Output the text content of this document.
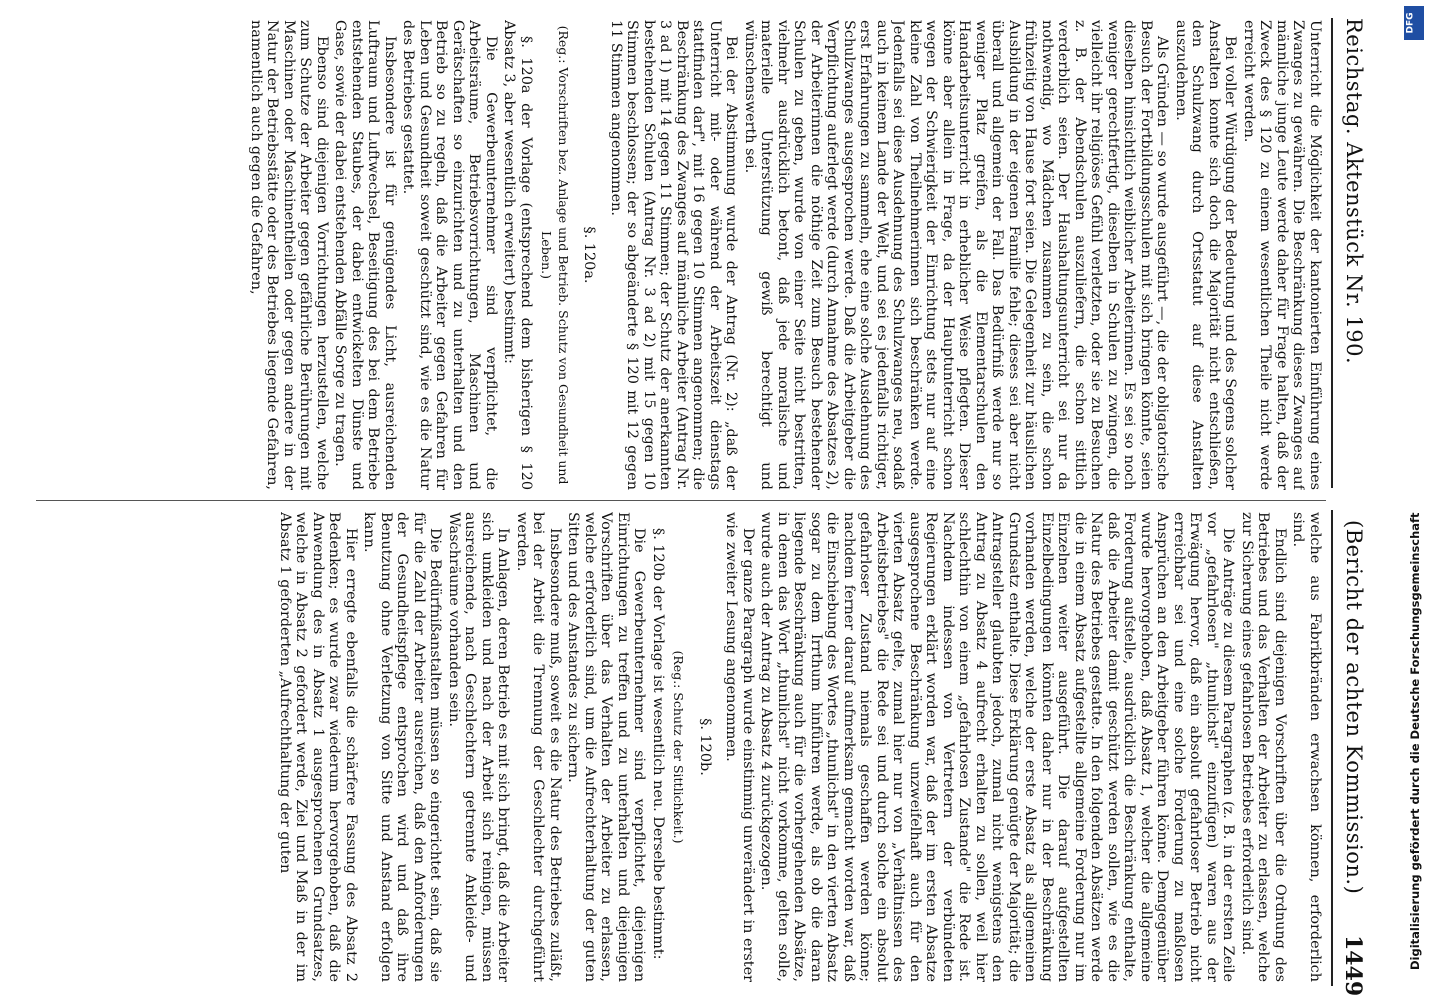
Reichstag. Aktenstück Nr. 190.
(Bericht der achten Kommission.)
1449

Unterricht die Möglichkeit der kantonierten Einführung eines Zwanges zu gewähren. Die Beschränkung dieses Zwanges auf männliche junge Leute werde daher für Frage halten, daß der Zweck des § 120 zu einem wesentlichen Theile nicht werde erreicht werden.

Bei voller Würdigung der Bedeutung und des Segens solcher Anstalten konnte sich doch die Majorität nicht entschließen, den Schulzwang durch Ortsstatut auf diese Anstalten auszudehnen.

Als Gründen — so wurde ausgeführt —, die der obligatorische Besuch der Fortbildungsschulen mit sich bringen könnte, seien dieselben hinsichtlich weiblicher Arbeiterinnen. Es sei so noch weniger gerechtfertigt, dieselben in Schulen zu zwingen, die vielleicht ihr religiöses Gefühl verletzten, oder sie zu Besuchen z. B. der Abendschulen auszuliefern, die schon sittlich verderblich seien. Der Haushaltungsunterricht sei nur da nothwendig, wo Mädchen zusammen zu sein, die schon frühzeitig von Hause fort seien. Die Gelegenheit zur häuslichen Ausbildung in der eigenen Familie fehle; dieses sei aber nicht überall und allgemein der Fall. Das Bedürfniß werde nur so weniger Platz greifen, als die Elementarschulen den Handarbeitsunterricht in erheblicher Weise pflegten. Dieser könne aber allein in Frage, da der Hauptunterricht schon wegen der Schwierigkeit der Einrichtung stets nur auf eine kleine Zahl von Theilnehmerinnen sich beschränken werde. Jedenfalls sei diese Ausdehnung des Schulzwanges neu, sodaß auch in keinem Lande der Welt, und sei es jedenfalls richtiger, erst Erfahrungen zu sammeln, ehe eine solche Ausdehnung des Schulzwanges ausgesprochen werde. Daß die Arbeitgeber die Verpflichtung auferlegt werde (durch Annahme des Absatzes 2), der Arbeiterinnen die nöthige Zeit zum Besuch bestehender Schulen zu geben, wurde von einer Seite nicht bestritten, vielmehr ausdrücklich betont, daß jede moralische und materielle Unterstützung gewiß berechtigt und wünschenswerth sei.

Bei der Abstimmung wurde der Antrag (Nr. 2): „daß der Unterricht mit- oder während der Arbeitszeit dienstags stattfinden darf", mit 16 gegen 10 Stimmen angenommen; die Beschränkung des Zwanges auf männliche Arbeiter (Antrag Nr. 3 ad 1) mit 14 gegen 11 Stimmen; der Schutz der anerkannten bestehenden Schulen (Antrag Nr. 3 ad 2) mit 15 gegen 10 Stimmen beschlossen; der so abgeänderte § 120 mit 12 gegen 11 Stimmen angenommen.

§. 120a.

(Reg.: Vorschriften bez. Anlage und Betrieb. Schutz von Gesundheit und Leben.)

§. 120a der Vorlage (entsprechend dem bisherigen § 120 Absatz 3, aber wesentlich erweitert) bestimmt:

Die Gewerbeunternehmer sind verpflichtet, die Arbeitsräume, Betriebsvorrichtungen, Maschinen und Gerätschaften so einzurichten und zu unterhalten und den Betrieb so zu regeln, daß die Arbeiter gegen Gefahren für Leben und Gesundheit soweit geschützt sind, wie es die Natur des Betriebes gestattet.

Insbesondere ist für genügendes Licht, ausreichenden Luftraum und Luftwechsel, Beseitigung des bei dem Betriebe entstehenden Staubes, der dabei entwickelten Dünste und Gase, sowie der dabei entstehenden Abfälle Sorge zu tragen.

Ebenso sind diejenigen Vorrichtungen herzustellen, welche zum Schutze der Arbeiter gegen gefährliche Berührungen mit Maschinen oder Maschinentheilen oder gegen andere in der Natur der Betriebsstätte oder des Betriebes liegende Gefahren, namentlich auch gegen die Gefahren,

welche aus Fabrikbränden erwachsen können, erforderlich sind.

Endlich sind diejenigen Vorschriften über die Ordnung des Betriebes und das Verhalten der Arbeiter zu erlassen, welche zur Sicherung eines gefahrlosen Betriebes erforderlich sind.

Die Anträge zu diesem Paragraphen (z. B. in der ersten Zeile vor „gefahrlosen" „thunlichst" einzufügen) waren aus der Erwägung hervor, daß ein absolut gefahrloser Betrieb nicht erreichbar sei und eine solche Forderung zu maßlosen Ansprüchen an den Arbeitgeber führen könne. Demgegenüber wurde hervorgehoben, daß Absatz 1, welcher die allgemeine Forderung aufstelle, ausdrücklich die Beschränkung enthalte, daß die Arbeiter damit geschützt werden sollen, wie es die Natur des Betriebes gestatte. In den folgenden Absätzen werde die in einem Absatz aufgestellte allgemeine Forderung nur im Einzelnen weiter ausgeführt. Die darauf aufgestellten Einzelbedingungen könnten daher nur in der Beschränkung vorhanden werden, welche der erste Absatz als allgemeinen Grundsatz enthalte. Diese Erklärung genügte der Majorität; die Antragsteller glaubten jedoch, zumal nicht wenigstens den Antrag zu Absatz 4 aufrecht erhalten zu sollen, weil hier schlechthin von einem „gefahrlosen Zustande" die Rede ist. Nachdem indessen von Vertretern der verbündeten Regierungen erklärt worden war, daß der im ersten Absatze ausgesprochene Beschränkung unzweifelhaft auch für den vierten Absatz gelte, zumal hier nur von „Verhältnissen des Arbeitsbetriebes" die Rede sei und durch solche ein absolut gefahrloser Zustand niemals geschaffen werden könne; nachdem ferner darauf aufmerksam gemacht worden war, daß die Einschiebung des Wortes „thunlichst" in den vierten Absatz sogar zu dem Irrthum hinführen werde, als ob die daran liegende Beschränkung auch für die vorhergehenden Absätze, in denen das Wort „thunlichst" nicht vorkomme, gelten solle, wurde auch der Antrag zu Absatz 4 zurückgezogen.

Der ganze Paragraph wurde einstimmig unverändert in erster wie zweiter Lesung angenommen.

§. 120b.

(Reg.: Schutz der Sittlichkeit.)

§. 120b der Vorlage ist wesentlich neu. Derselbe bestimmt:

Die Gewerbeunternehmer sind verpflichtet, diejenigen Einrichtungen zu treffen und zu unterhalten und diejenigen Vorschriften über das Verhalten der Arbeiter zu erlassen, welche erforderlich sind, um die Aufrechterhaltung der guten Sitten und des Anstandes zu sichern.

Insbesondere muß, soweit es die Natur des Betriebes zuläßt, bei der Arbeit die Trennung der Geschlechter durchgeführt werden.

In Anlagen, deren Betrieb es mit sich bringt, daß die Arbeiter sich umkleiden und nach der Arbeit sich reinigen, müssen ausreichende, nach Geschlechtern getrennte Ankleide- und Waschräume vorhanden sein.

Die Bedürfnißanstalten müssen so eingerichtet sein, daß sie für die Zahl der Arbeiter ausreichen, daß den Anforderungen der Gesundheitspflege entsprochen wird und daß ihre Benutzung ohne Verletzung von Sitte und Anstand erfolgen kann.

Hier erregte ebenfalls die schärfere Fassung des Absatz 2 Bedenken; es wurde zwar wiederum hervorgehoben, daß die Anwendung des in Absatz 1 ausgesprochenen Grundsatzes, welche in Absatz 2 gefordert werde, Ziel und Maß in der im Absatz 1 geforderten „Aufrechthaltung der guten

DFG
Digitalisierung gefördert durch die Deutsche Forschungsgemeinschaft
